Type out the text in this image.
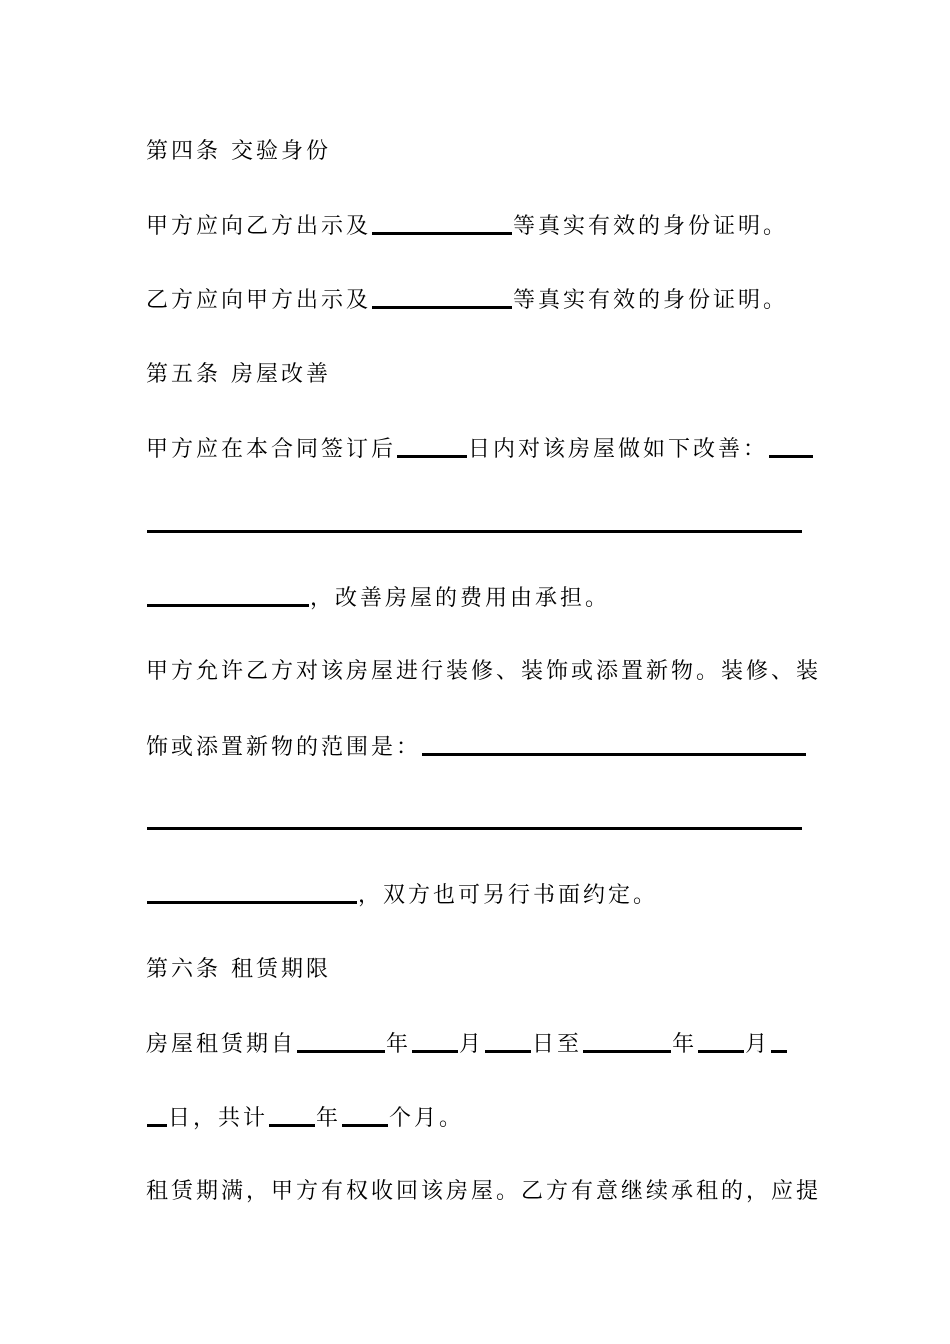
第四条 交验身份
甲方应向乙方出示及	等真实有效的身份证明。
乙方应向甲方出示及	等真实有效的身份证明。
第五条 房屋改善
甲方应在本合同签订后	日内对该房屋做如下改善：
，改善房屋的费用由承担。
甲方允许乙方对该房屋进行装修、装饰或添置新物。装修、装
饰或添置新物的范围是：
，双方也可另行书面约定。
第六条 租赁期限
房屋租赁期自	年 月 日至	年 月
日，共计 年 个月。
租赁期满，甲方有权收回该房屋。乙方有意继续承租的，应提
